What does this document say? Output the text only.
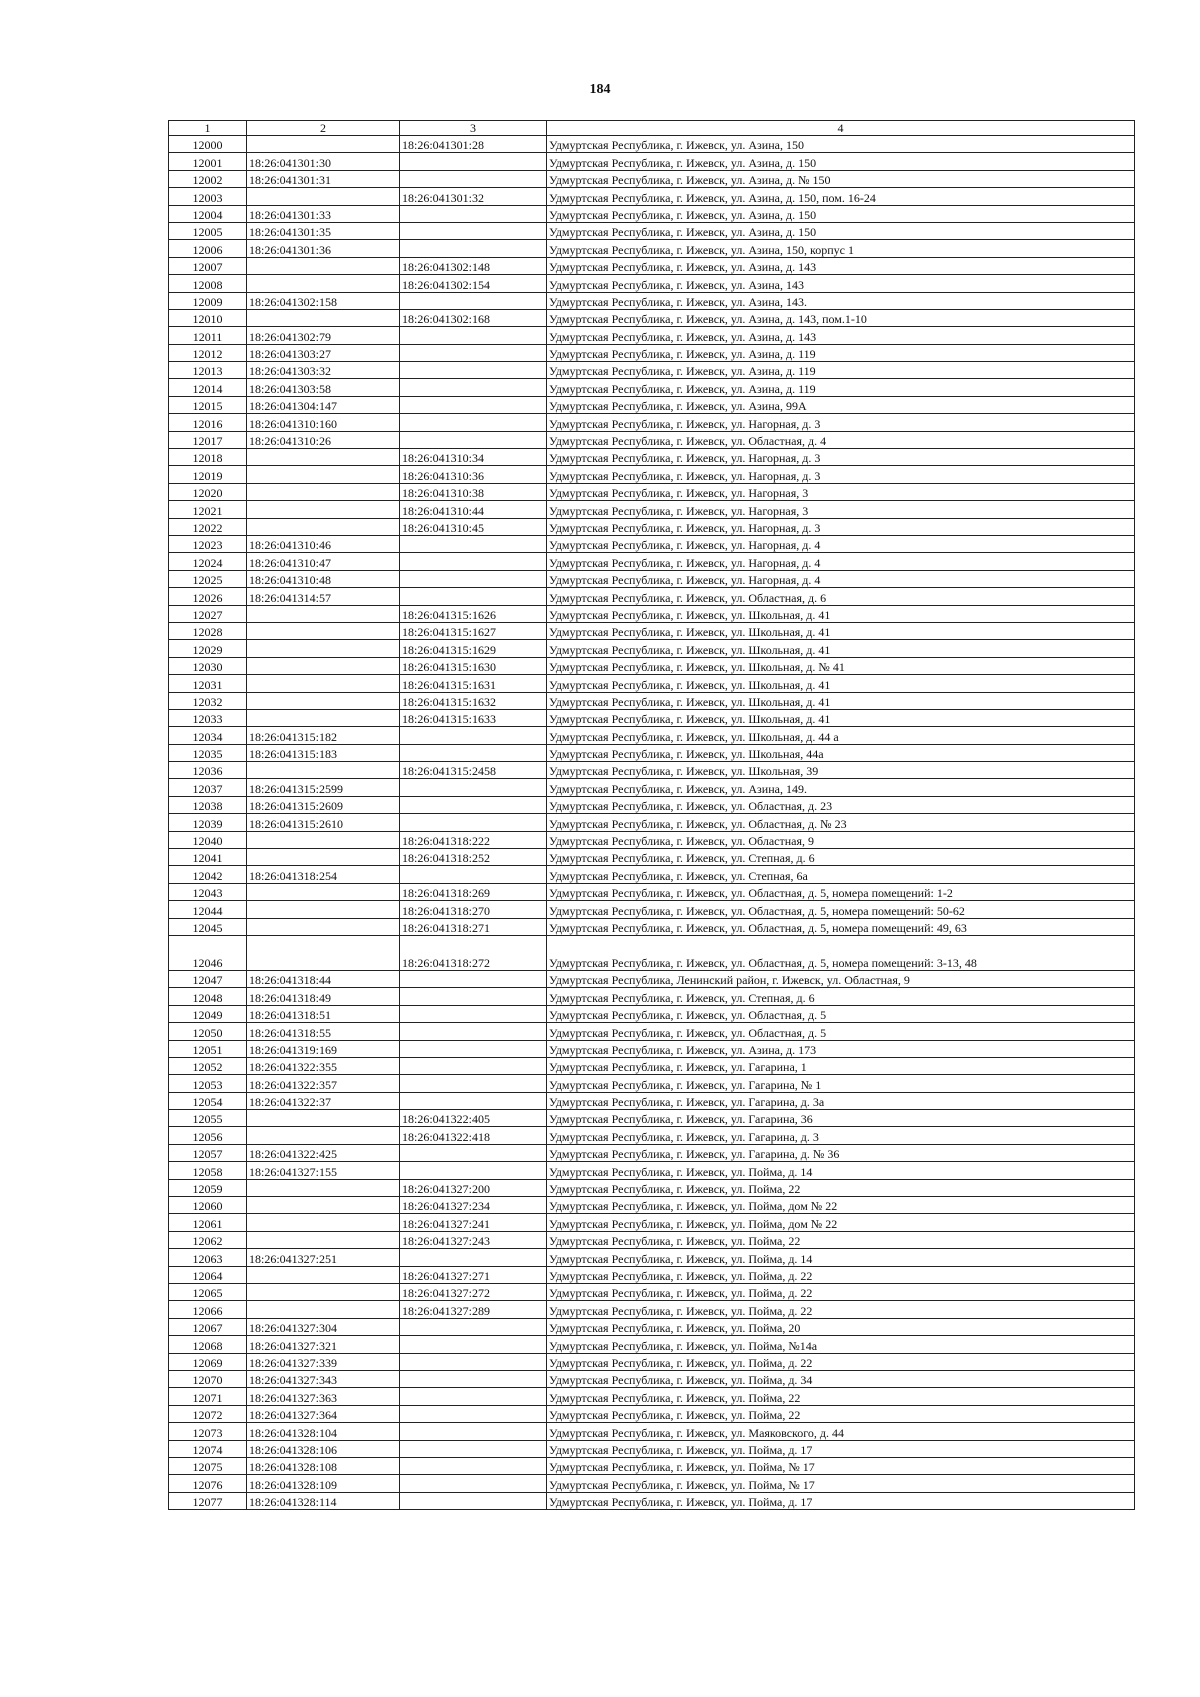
184
1	2	3	4
12000		18:26:041301:28	Удмуртская Республика, г. Ижевск, ул. Азина, 150
12001	18:26:041301:30		Удмуртская Республика, г. Ижевск, ул. Азина, д. 150
12002	18:26:041301:31		Удмуртская Республика, г. Ижевск, ул. Азина, д. № 150
12003		18:26:041301:32	Удмуртская Республика, г. Ижевск, ул. Азина, д. 150, пом. 16-24
12004	18:26:041301:33		Удмуртская Республика, г. Ижевск, ул. Азина, д. 150
12005	18:26:041301:35		Удмуртская Республика, г. Ижевск, ул. Азина, д. 150
12006	18:26:041301:36		Удмуртская Республика, г. Ижевск, ул. Азина, 150, корпус 1
12007		18:26:041302:148	Удмуртская Республика, г. Ижевск, ул. Азина, д. 143
12008		18:26:041302:154	Удмуртская Республика, г. Ижевск, ул. Азина, 143
12009	18:26:041302:158		Удмуртская Республика, г. Ижевск, ул. Азина, 143.
12010		18:26:041302:168	Удмуртская Республика, г. Ижевск, ул. Азина, д. 143, пом.1-10
12011	18:26:041302:79		Удмуртская Республика, г. Ижевск, ул. Азина, д. 143
12012	18:26:041303:27		Удмуртская Республика, г. Ижевск, ул. Азина, д. 119
12013	18:26:041303:32		Удмуртская Республика, г. Ижевск, ул. Азина, д. 119
12014	18:26:041303:58		Удмуртская Республика, г. Ижевск, ул. Азина, д. 119
12015	18:26:041304:147		Удмуртская Республика, г. Ижевск, ул. Азина, 99А
12016	18:26:041310:160		Удмуртская Республика, г. Ижевск, ул. Нагорная, д. 3
12017	18:26:041310:26		Удмуртская Республика, г. Ижевск, ул. Областная, д. 4
12018		18:26:041310:34	Удмуртская Республика, г. Ижевск, ул. Нагорная, д. 3
12019		18:26:041310:36	Удмуртская Республика, г. Ижевск, ул. Нагорная, д. 3
12020		18:26:041310:38	Удмуртская Республика, г. Ижевск, ул. Нагорная, 3
12021		18:26:041310:44	Удмуртская Республика, г. Ижевск, ул. Нагорная, 3
12022		18:26:041310:45	Удмуртская Республика, г. Ижевск, ул. Нагорная, д. 3
12023	18:26:041310:46		Удмуртская Республика, г. Ижевск, ул. Нагорная, д. 4
12024	18:26:041310:47		Удмуртская Республика, г. Ижевск, ул. Нагорная, д. 4
12025	18:26:041310:48		Удмуртская Республика, г. Ижевск, ул. Нагорная, д. 4
12026	18:26:041314:57		Удмуртская Республика, г. Ижевск, ул. Областная, д. 6
12027		18:26:041315:1626	Удмуртская Республика, г. Ижевск, ул. Школьная, д. 41
12028		18:26:041315:1627	Удмуртская Республика, г. Ижевск, ул. Школьная, д. 41
12029		18:26:041315:1629	Удмуртская Республика, г. Ижевск, ул. Школьная, д. 41
12030		18:26:041315:1630	Удмуртская Республика, г. Ижевск, ул. Школьная, д. № 41
12031		18:26:041315:1631	Удмуртская Республика, г. Ижевск, ул. Школьная, д. 41
12032		18:26:041315:1632	Удмуртская Республика, г. Ижевск, ул. Школьная, д. 41
12033		18:26:041315:1633	Удмуртская Республика, г. Ижевск, ул. Школьная, д. 41
12034	18:26:041315:182		Удмуртская Республика, г. Ижевск, ул. Школьная, д. 44 а
12035	18:26:041315:183		Удмуртская Республика, г. Ижевск, ул. Школьная, 44а
12036		18:26:041315:2458	Удмуртская Республика, г. Ижевск, ул. Школьная, 39
12037	18:26:041315:2599		Удмуртская Республика, г. Ижевск, ул. Азина, 149.
12038	18:26:041315:2609		Удмуртская Республика, г. Ижевск, ул. Областная, д. 23
12039	18:26:041315:2610		Удмуртская Республика, г. Ижевск, ул. Областная, д. № 23
12040		18:26:041318:222	Удмуртская Республика, г. Ижевск, ул. Областная, 9
12041		18:26:041318:252	Удмуртская Республика, г. Ижевск, ул. Степная, д. 6
12042	18:26:041318:254		Удмуртская Республика, г. Ижевск, ул. Степная, 6а
12043		18:26:041318:269	Удмуртская Республика, г. Ижевск, ул. Областная, д. 5, номера помещений: 1-2
12044		18:26:041318:270	Удмуртская Республика, г. Ижевск, ул. Областная, д. 5, номера помещений: 50-62
12045		18:26:041318:271	Удмуртская Республика, г. Ижевск, ул. Областная, д. 5, номера помещений: 49, 63
12046		18:26:041318:272	Удмуртская Республика, г. Ижевск, ул. Областная, д. 5, номера помещений: 3-13, 48
12047	18:26:041318:44		Удмуртская Республика, Ленинский район, г. Ижевск, ул. Областная, 9
12048	18:26:041318:49		Удмуртская Республика, г. Ижевск, ул. Степная, д. 6
12049	18:26:041318:51		Удмуртская Республика, г. Ижевск, ул. Областная, д. 5
12050	18:26:041318:55		Удмуртская Республика, г. Ижевск, ул. Областная, д. 5
12051	18:26:041319:169		Удмуртская Республика, г. Ижевск, ул. Азина, д. 173
12052	18:26:041322:355		Удмуртская Республика, г. Ижевск, ул. Гагарина, 1
12053	18:26:041322:357		Удмуртская Республика, г. Ижевск, ул. Гагарина, № 1
12054	18:26:041322:37		Удмуртская Республика, г. Ижевск, ул. Гагарина, д. 3а
12055		18:26:041322:405	Удмуртская Республика, г. Ижевск, ул. Гагарина, 36
12056		18:26:041322:418	Удмуртская Республика, г. Ижевск, ул. Гагарина, д. 3
12057	18:26:041322:425		Удмуртская Республика, г. Ижевск, ул. Гагарина, д. № 36
12058	18:26:041327:155		Удмуртская Республика, г. Ижевск, ул. Пойма, д. 14
12059		18:26:041327:200	Удмуртская Республика, г. Ижевск, ул. Пойма, 22
12060		18:26:041327:234	Удмуртская Республика, г. Ижевск, ул. Пойма, дом № 22
12061		18:26:041327:241	Удмуртская Республика, г. Ижевск, ул. Пойма, дом № 22
12062		18:26:041327:243	Удмуртская Республика, г. Ижевск, ул. Пойма, 22
12063	18:26:041327:251		Удмуртская Республика, г. Ижевск, ул. Пойма, д. 14
12064		18:26:041327:271	Удмуртская Республика, г. Ижевск, ул. Пойма, д. 22
12065		18:26:041327:272	Удмуртская Республика, г. Ижевск, ул. Пойма, д. 22
12066		18:26:041327:289	Удмуртская Республика, г. Ижевск, ул. Пойма, д. 22
12067	18:26:041327:304		Удмуртская Республика, г. Ижевск, ул. Пойма, 20
12068	18:26:041327:321		Удмуртская Республика, г. Ижевск, ул. Пойма, №14а
12069	18:26:041327:339		Удмуртская Республика, г. Ижевск, ул. Пойма, д. 22
12070	18:26:041327:343		Удмуртская Республика, г. Ижевск, ул. Пойма, д. 34
12071	18:26:041327:363		Удмуртская Республика, г. Ижевск, ул. Пойма, 22
12072	18:26:041327:364		Удмуртская Республика, г. Ижевск, ул. Пойма, 22
12073	18:26:041328:104		Удмуртская Республика, г. Ижевск, ул. Маяковского, д. 44
12074	18:26:041328:106		Удмуртская Республика, г. Ижевск, ул. Пойма, д. 17
12075	18:26:041328:108		Удмуртская Республика, г. Ижевск, ул. Пойма, № 17
12076	18:26:041328:109		Удмуртская Республика, г. Ижевск, ул. Пойма, № 17
12077	18:26:041328:114		Удмуртская Республика, г. Ижевск, ул. Пойма, д. 17
